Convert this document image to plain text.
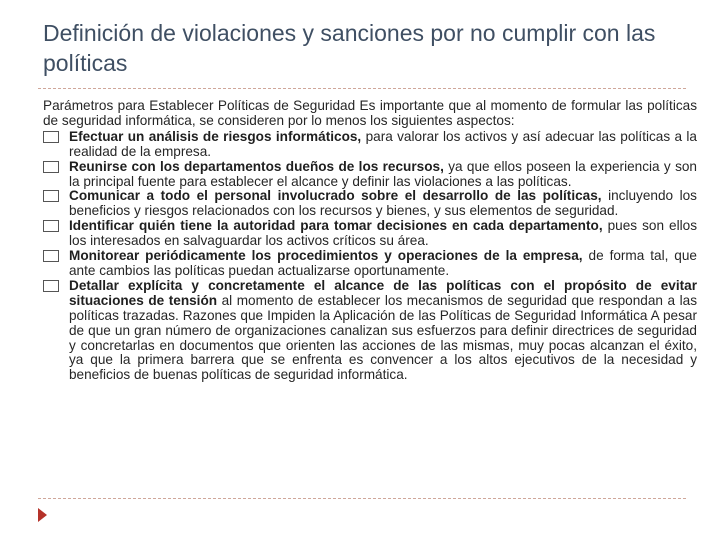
Definición de violaciones y sanciones por no cumplir con las políticas

Parámetros para Establecer Políticas de Seguridad Es importante que al momento de formular las políticas de seguridad informática, se consideren por lo menos los siguientes aspectos:

Efectuar un análisis de riesgos informáticos, para valorar los activos y así adecuar las políticas a la realidad de la empresa.
Reunirse con los departamentos dueños de los recursos, ya que ellos poseen la experiencia y son la principal fuente para establecer el alcance y definir las violaciones a las políticas.
Comunicar a todo el personal involucrado sobre el desarrollo de las políticas, incluyendo los beneficios y riesgos relacionados con los recursos y bienes, y sus elementos de seguridad.
Identificar quién tiene la autoridad para tomar decisiones en cada departamento, pues son ellos los interesados en salvaguardar los activos críticos su área.
Monitorear periódicamente los procedimientos y operaciones de la empresa, de forma tal, que ante cambios las políticas puedan actualizarse oportunamente.
Detallar explícita y concretamente el alcance de las políticas con el propósito de evitar situaciones de tensión al momento de establecer los mecanismos de seguridad que respondan a las políticas trazadas. Razones que Impiden la Aplicación de las Políticas de Seguridad Informática A pesar de que un gran número de organizaciones canalizan sus esfuerzos para definir directrices de seguridad y concretarlas en documentos que orienten las acciones de las mismas, muy pocas alcanzan el éxito, ya que la primera barrera que se enfrenta es convencer a los altos ejecutivos de la necesidad y beneficios de buenas políticas de seguridad informática.
